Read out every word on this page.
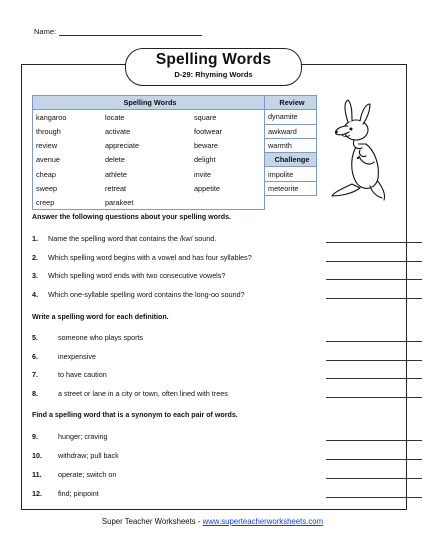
Name:
Spelling Words
D-29: Rhyming Words
Spelling Words			Review
kangaroo	locate	square	dynamite
through	activate	footwear	awkward
review	appreciate	beware	warmth
avenue	delete	delight	Challenge
cheap	athlete	invite	impolite
sweep	retreat	appetite	meteorite
creep	parakeet		
Answer the following questions about your spelling words.
1. Name the spelling word that contains the /kw/ sound.
2. Which spelling word begins with a vowel and has four syllables?
3. Which spelling word ends with two consecutive vowels?
4. Which one-syllable spelling word contains the long-oo sound?
Write a spelling word for each definition.
5.	someone who plays sports
6.	inexpensive
7.	to have caution
8.	a street or lane in a city or town, often lined with trees
Find a spelling word that is a synonym to each pair of words.
9.	hunger; craving
10. withdraw; pull back
11. operate; switch on
12. find; pinpoint
Super Teacher Worksheets - www.superteacherworksheets.com
